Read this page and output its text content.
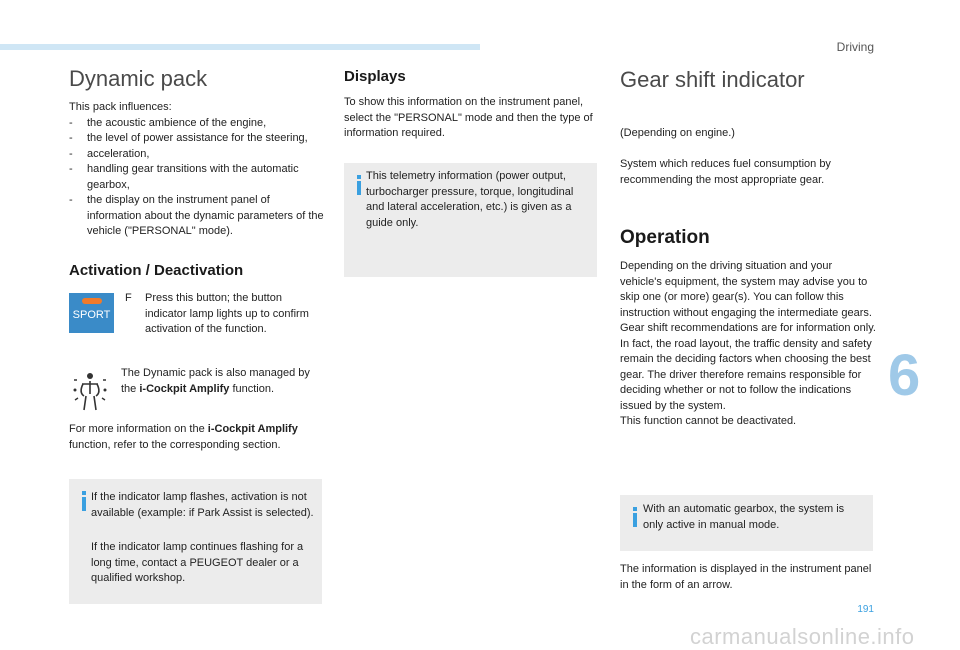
Driving
Dynamic pack
This pack influences:
- the acoustic ambience of the engine,
- the level of power assistance for the steering,
- acceleration,
- handling gear transitions with the automatic gearbox,
- the display on the instrument panel of information about the dynamic parameters of the vehicle ("PERSONAL" mode).
Activation / Deactivation
SPORT
F	Press this button; the button indicator lamp lights up to confirm activation of the function.
The Dynamic pack is also managed by the i-Cockpit Amplify function.
For more information on the i-Cockpit Amplify function, refer to the corresponding section.
If the indicator lamp flashes, activation is not available (example: if Park Assist is selected).
If the indicator lamp continues flashing for a long time, contact a PEUGEOT dealer or a qualified workshop.
Displays
To show this information on the instrument panel, select the "PERSONAL" mode and then the type of information required.
This telemetry information (power output, turbocharger pressure, torque, longitudinal and lateral acceleration, etc.) is given as a guide only.
Gear shift indicator
(Depending on engine.)
System which reduces fuel consumption by recommending the most appropriate gear.
Operation
Depending on the driving situation and your vehicle's equipment, the system may advise you to skip one (or more) gear(s). You can follow this instruction without engaging the intermediate gears.
Gear shift recommendations are for information only. In fact, the road layout, the traffic density and safety remain the deciding factors when choosing the best gear. The driver therefore remains responsible for deciding whether or not to follow the indications issued by the system.
This function cannot be deactivated.
With an automatic gearbox, the system is only active in manual mode.
The information is displayed in the instrument panel in the form of an arrow.
6
191
carmanualsonline.info
